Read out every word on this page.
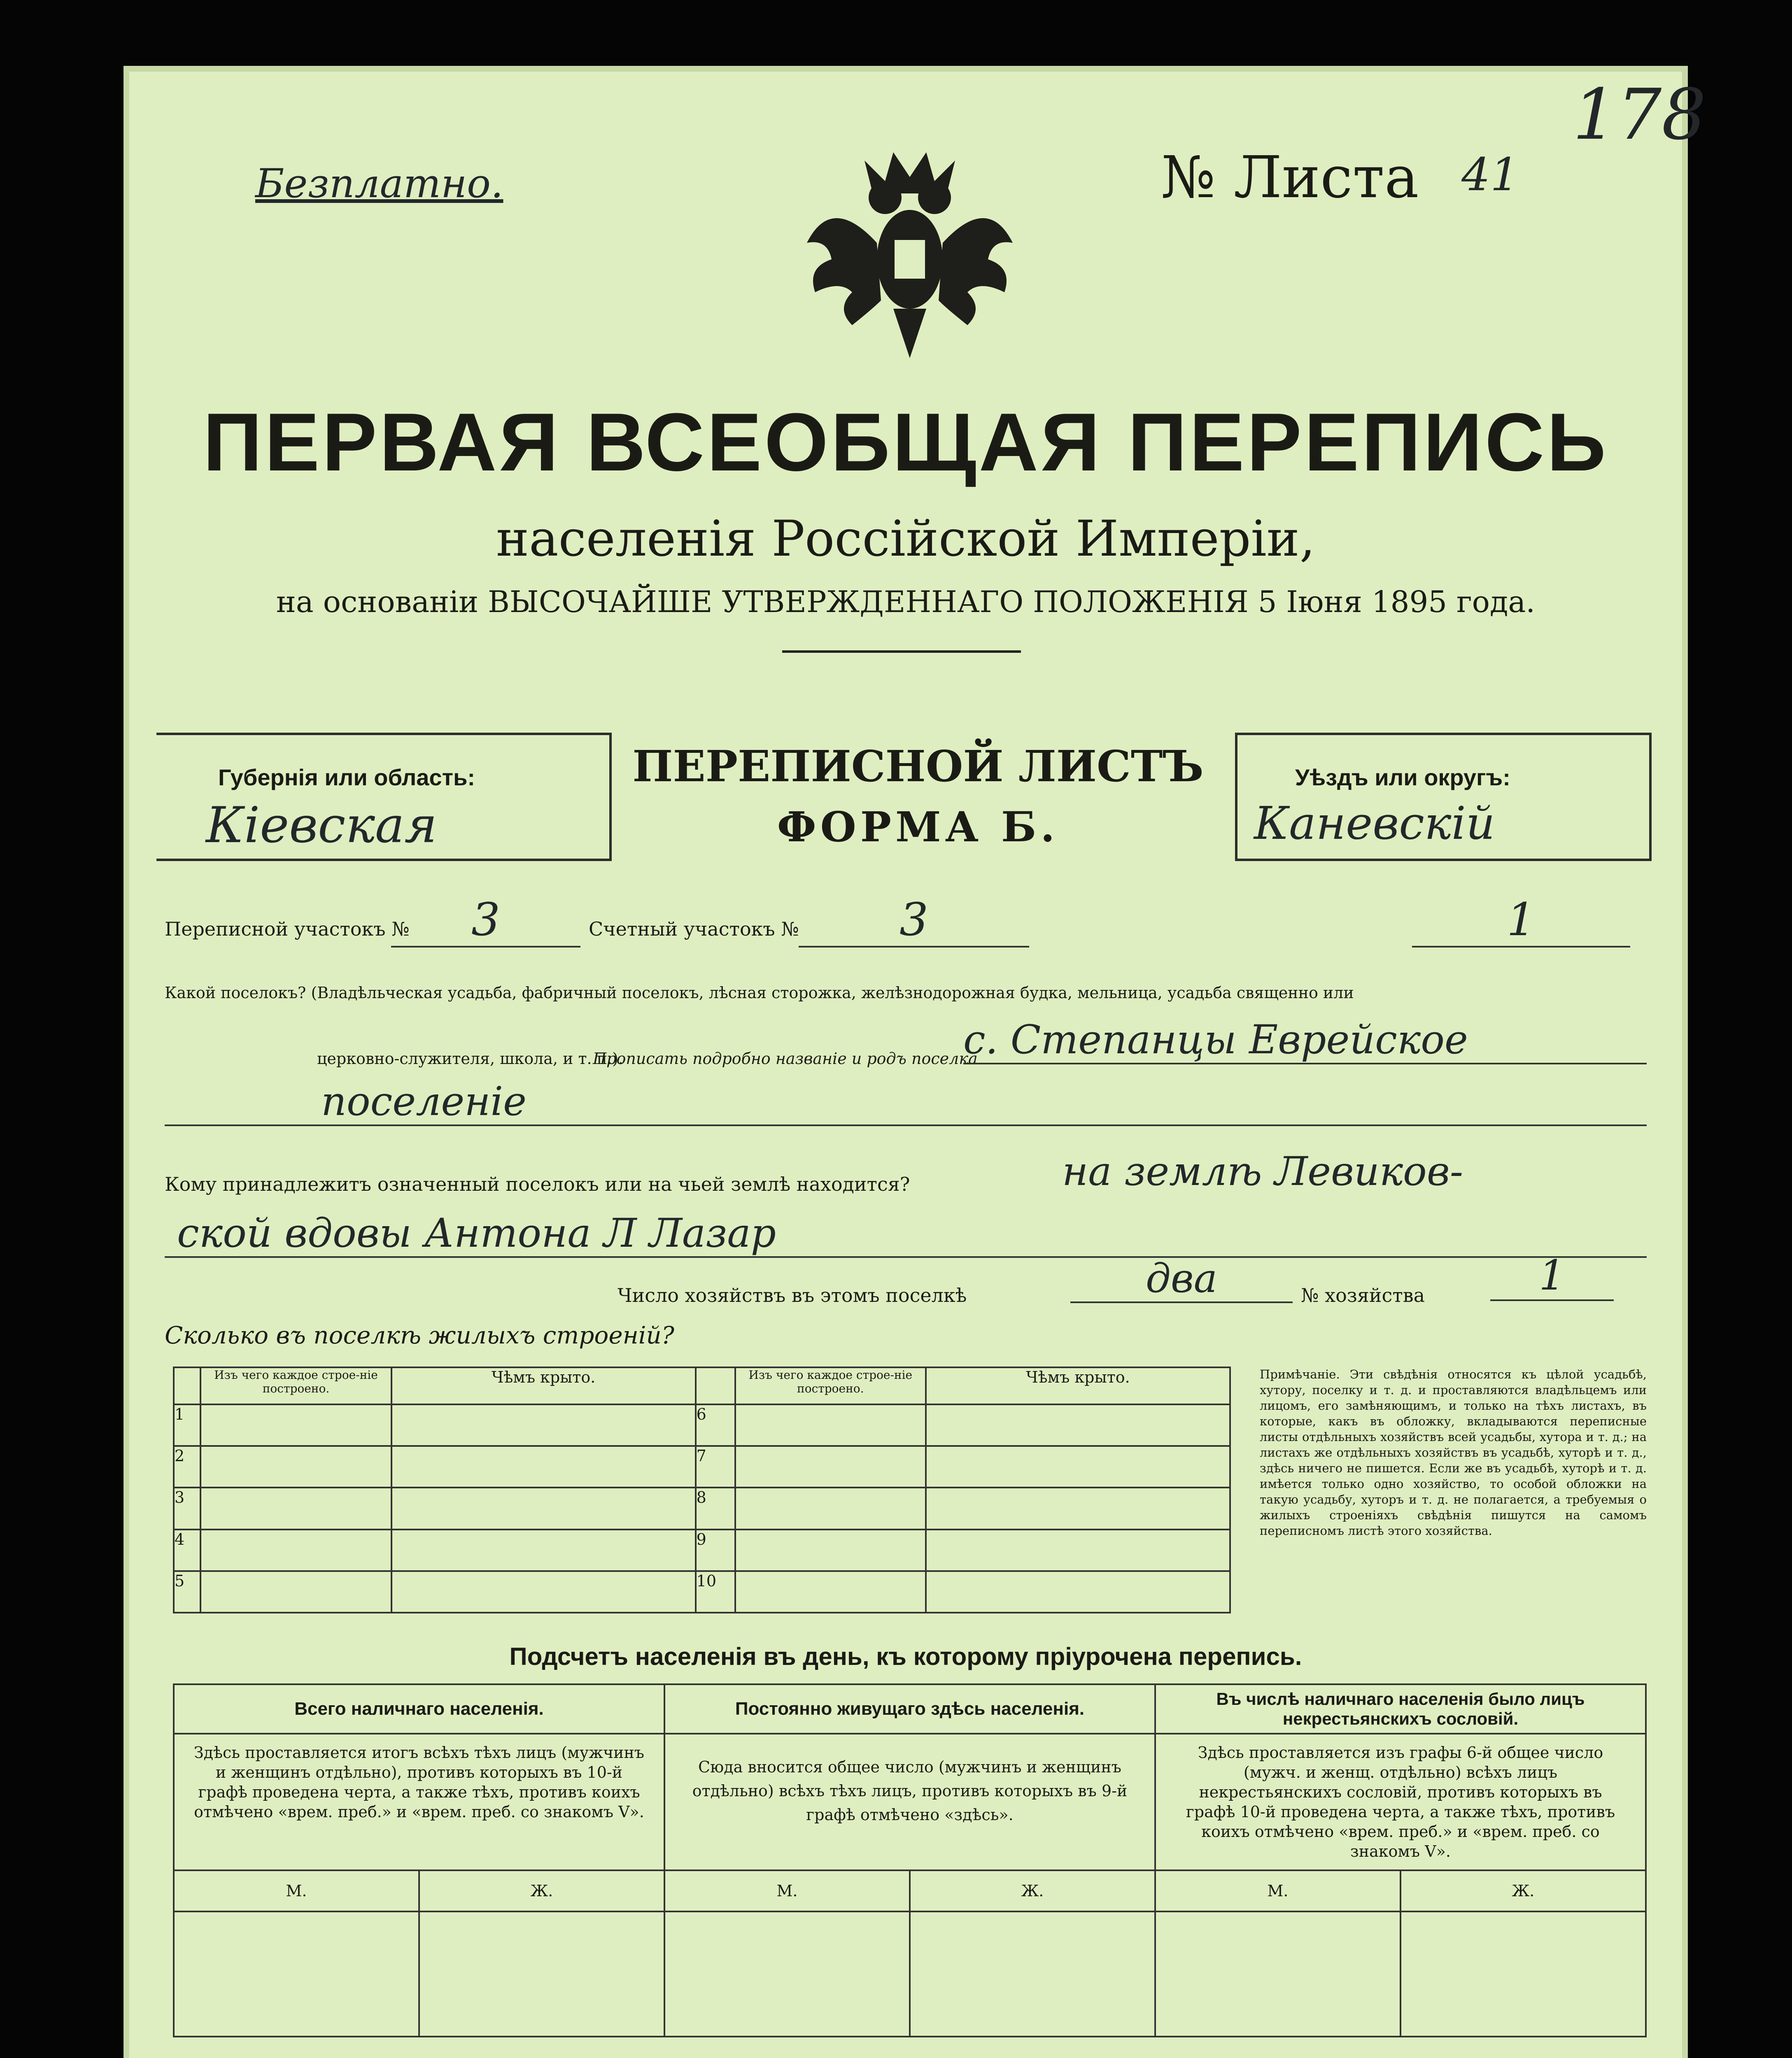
Безплатно.	№ Листа 41
178
ПЕРВАЯ ВСЕОБЩАЯ ПЕРЕПИСЬ
населенія Россійской Имперіи,
на основаніи ВЫСОЧАЙШЕ УТВЕРЖДЕННАГО ПОЛОЖЕНІЯ 5 Іюня 1895 года.
Губернія или область:
Кіевская
ПЕРЕПИСНОЙ ЛИСТЪ
ФОРМА Б.
Уѣздъ или округъ:
Каневскій
Переписной участокъ №	3	Счетный участокъ №	3	1
Какой поселокъ? (Владѣльческая усадьба, фабричный поселокъ, лѣсная сторожка, желѣзнодорожная будка, мельница, усадьба священно или
церковно-служителя, школа, и т. п.).
Прописать подробно названіе и родъ поселка
с. Степанцы Еврейское
поселеніе
Кому принадлежитъ означенный поселокъ или на чьей землѣ находится?	на землѣ Левиков-
ской вдовы Антона Л Лазар
Число хозяйствъ въ этомъ поселкѣ	два	№ хозяйства	1
Сколько въ поселкѣ жилыхъ строеній?
	Изъ чего каждое строе-ніе построено.	Чѣмъ крыто.		Изъ чего каждое строе-ніе построено.	Чѣмъ крыто.
1			6		
2			7		
3			8		
4			9		
5			10		
Примѣчаніе. Эти свѣдѣнія относятся къ цѣлой усадьбѣ, хутору, поселку и т. д. и проставляются владѣльцемъ или лицомъ, его замѣняющимъ, и только на тѣхъ листахъ, въ которые, какъ въ обложку, вкладываются переписные листы отдѣльныхъ хозяйствъ всей усадьбы, хутора и т. д.; на листахъ же отдѣльныхъ хозяйствъ въ усадьбѣ, хуторѣ и т. д., здѣсь ничего не пишется. Если же въ усадьбѣ, хуторѣ и т. д. имѣется только одно хозяйство, то особой обложки на такую усадьбу, хуторъ и т. д. не полагается, а требуемыя о жилыхъ строеніяхъ свѣдѣнія пишутся на самомъ переписномъ листѣ этого хозяйства.
Подсчетъ населенія въ день, къ которому пріурочена перепись.
Всего наличнаго населенія.		Постоянно живущаго здѣсь населенія.		Въ числѣ наличнаго населенія было лицъ некрестьянскихъ сословій.	
Здѣсь проставляется итогъ всѣхъ тѣхъ лицъ (мужчинъ и женщинъ отдѣльно), противъ которыхъ въ 10-й графѣ проведена черта, а также тѣхъ, противъ коихъ отмѣчено «врем. преб.» и «врем. преб. со знакомъ V».		Сюда вносится общее число (мужчинъ и женщинъ отдѣльно) всѣхъ тѣхъ лицъ, противъ которыхъ въ 9-й графѣ отмѣчено «здѣсь».		Здѣсь проставляется изъ графы 6-й общее число (мужч. и женщ. отдѣльно) всѣхъ лицъ некрестьянскихъ сословій, противъ которыхъ въ графѣ 10-й проведена черта, а также тѣхъ, противъ коихъ отмѣчено «врем. преб.» и «врем. преб. со знакомъ V».	
М.	Ж.	М.	Ж.	М.	Ж.
